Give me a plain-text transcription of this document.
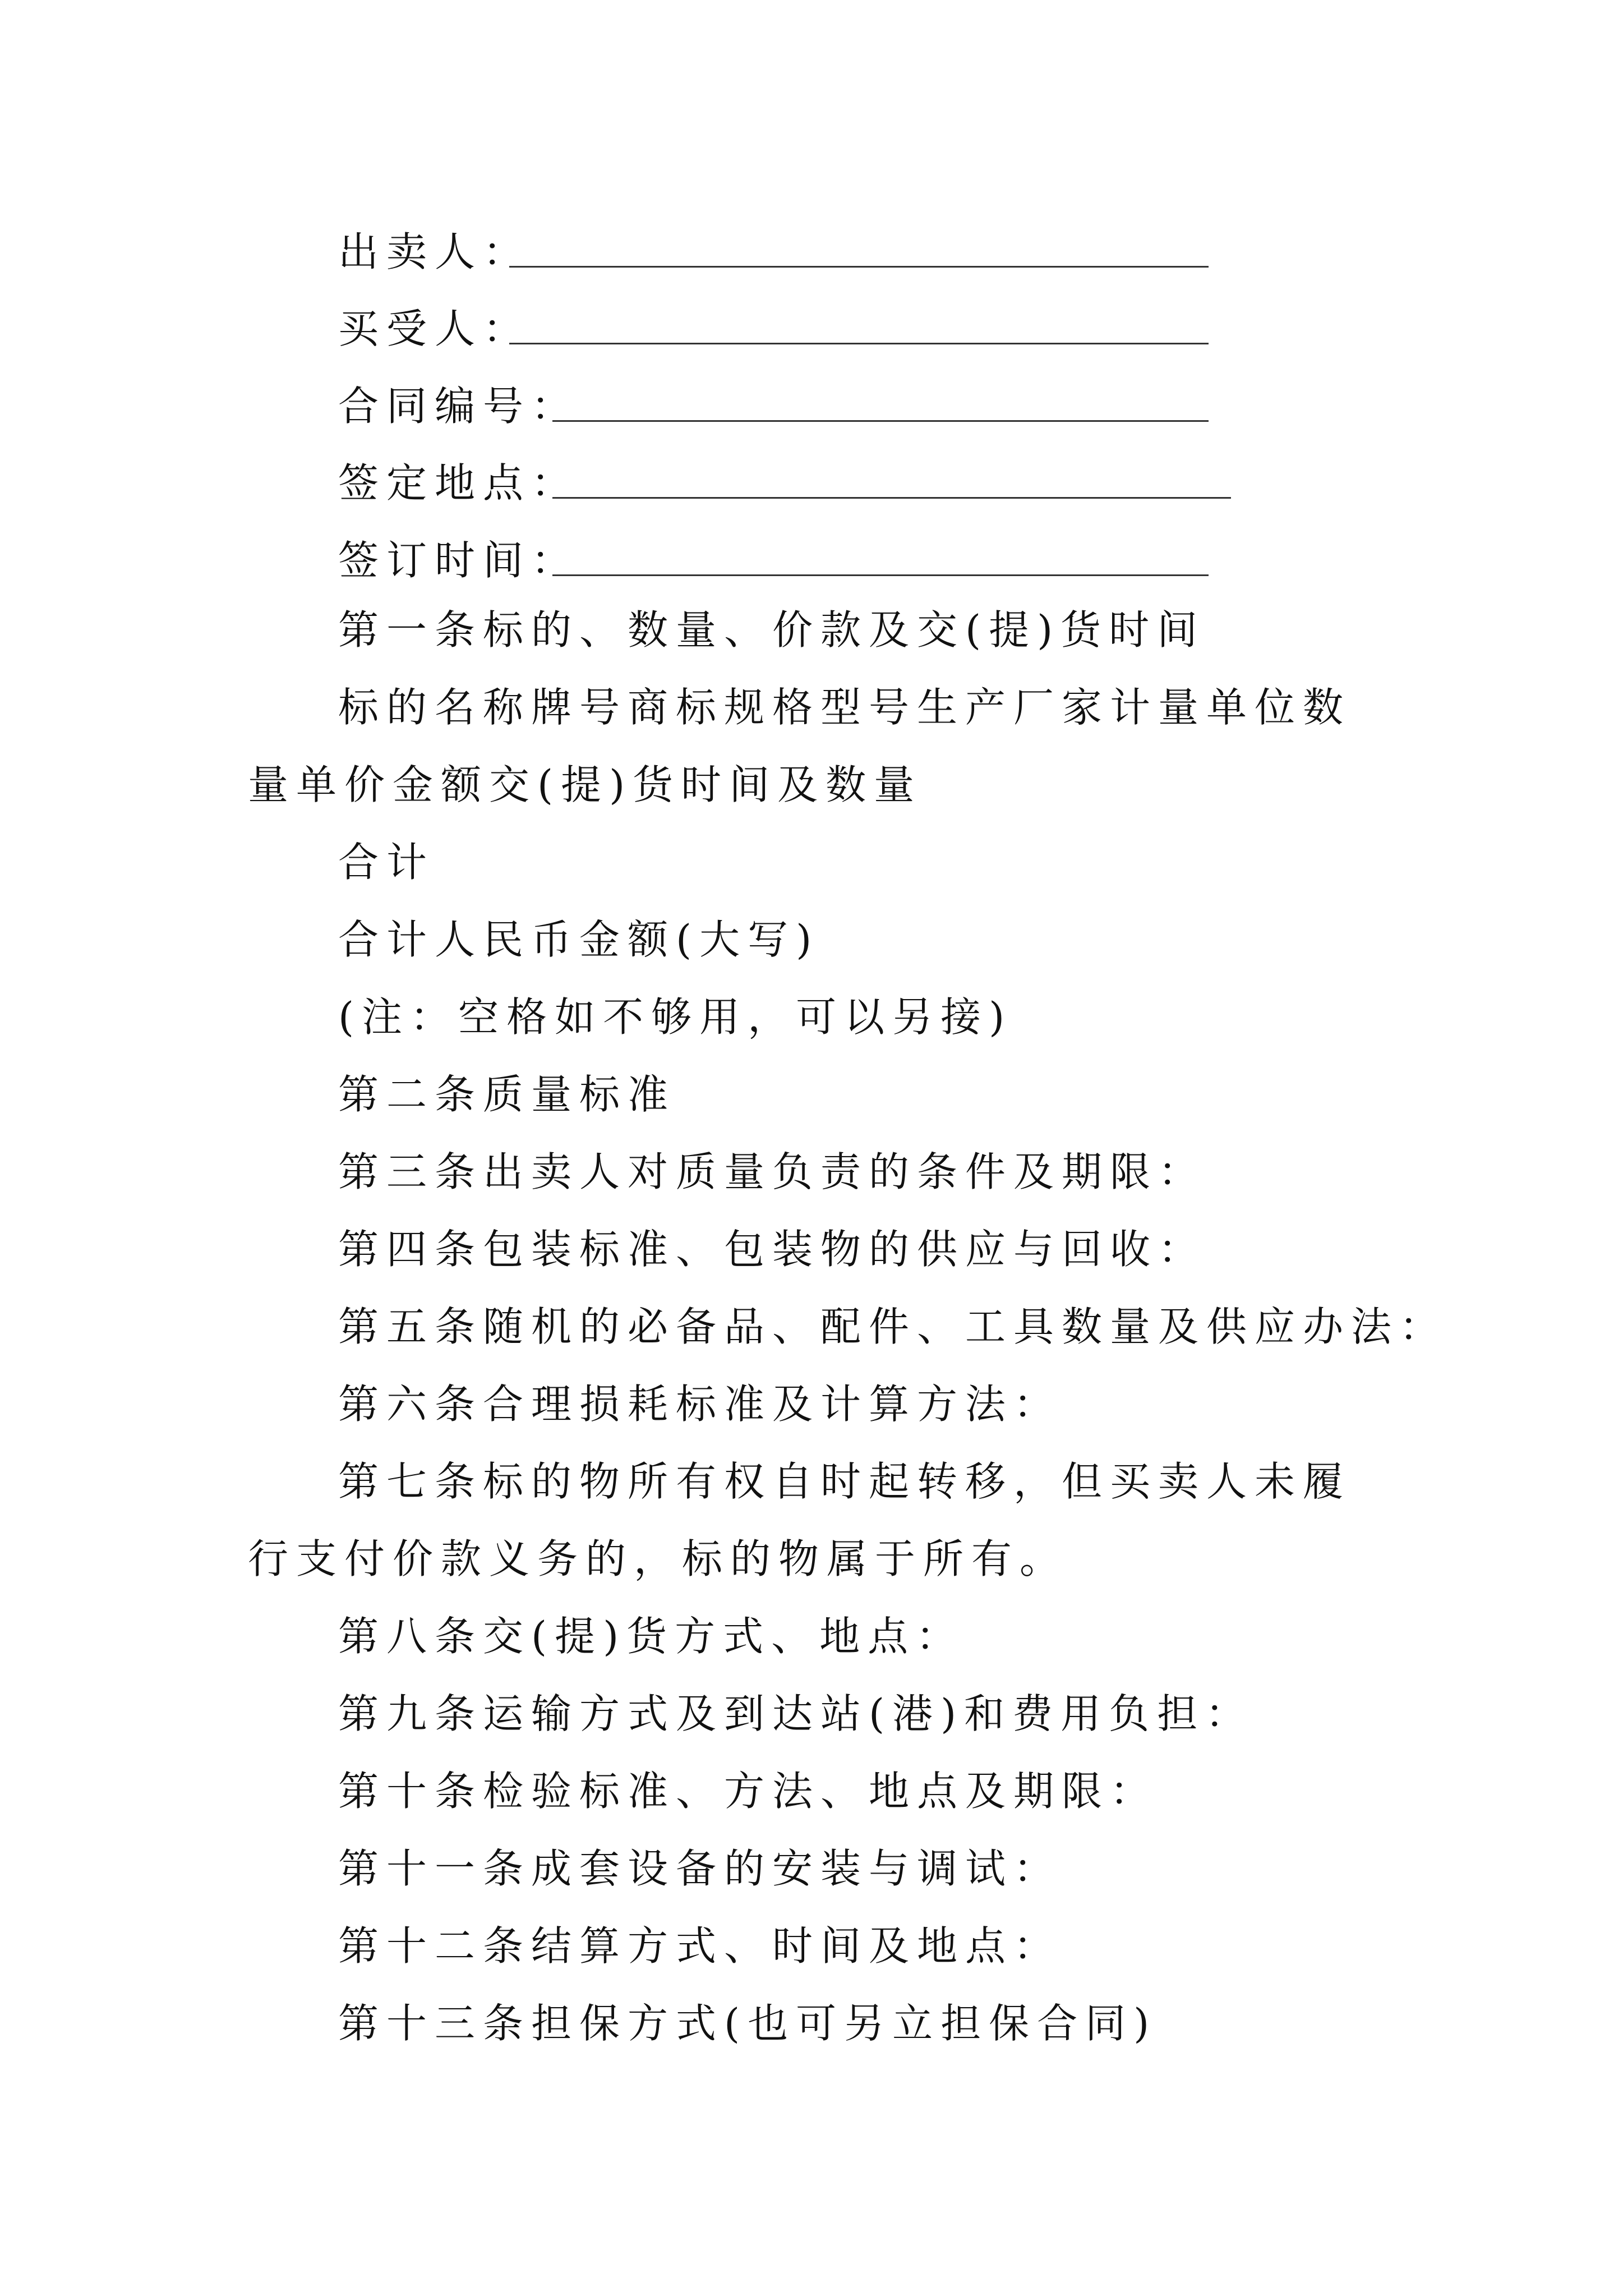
出卖人：
买受人：
合同编号：
签定地点：
签订时间：
第一条标的、数量、价款及交(提)货时间
标的名称牌号商标规格型号生产厂家计量单位数量单价金额交(提)货时间及数量
合计
合计人民币金额(大写)
(注：空格如不够用，可以另接)
第二条质量标准
第三条出卖人对质量负责的条件及期限：
第四条包装标准、包装物的供应与回收：
第五条随机的必备品、配件、工具数量及供应办法：
第六条合理损耗标准及计算方法：
第七条标的物所有权自时起转移，但买卖人未履行支付价款义务的，标的物属于所有。
第八条交(提)货方式、地点：
第九条运输方式及到达站(港)和费用负担：
第十条检验标准、方法、地点及期限：
第十一条成套设备的安装与调试：
第十二条结算方式、时间及地点：
第十三条担保方式(也可另立担保合同)
